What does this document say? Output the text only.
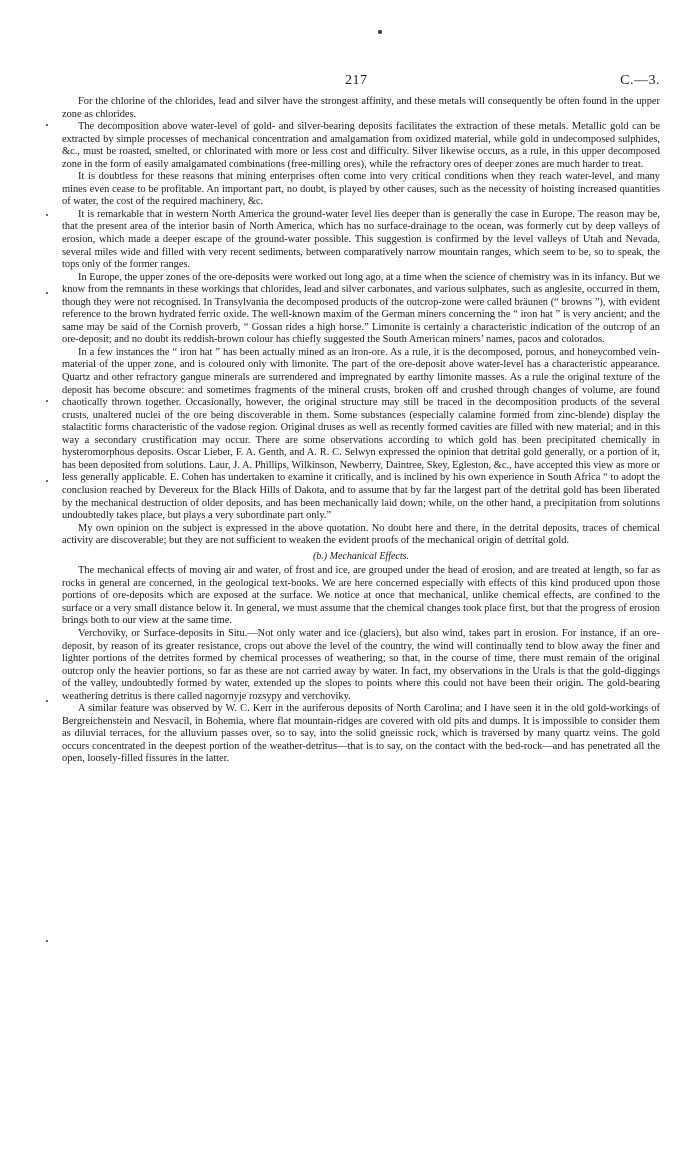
217	C.—3.

For the chlorine of the chlorides, lead and silver have the strongest affinity, and these metals will consequently be often found in the upper zone as chlorides.

The decomposition above water-level of gold- and silver-bearing deposits facilitates the extraction of these metals. Metallic gold can be extracted by simple processes of mechanical concentration and amalgamation from oxidized material, while gold in undecomposed sulphides, &c., must be roasted, smelted, or chlorinated with more or less cost and difficulty. Silver likewise occurs, as a rule, in this upper decomposed zone in the form of easily amalgamated combinations (free-milling ores), while the refractory ores of deeper zones are much harder to treat.

It is doubtless for these reasons that mining enterprises often come into very critical conditions when they reach water-level, and many mines even cease to be profitable. An important part, no doubt, is played by other causes, such as the necessity of hoisting increased quantities of water, the cost of the required machinery, &c.

It is remarkable that in western North America the ground-water level lies deeper than is generally the case in Europe. The reason may be, that the present area of the interior basin of North America, which has no surface-drainage to the ocean, was formerly cut by deep valleys of erosion, which made a deeper escape of the ground-water possible. This suggestion is confirmed by the level valleys of Utah and Nevada, several miles wide and filled with very recent sediments, between comparatively narrow mountain ranges, which seem to be, so to speak, the tops only of the former ranges.

In Europe, the upper zones of the ore-deposits were worked out long ago, at a time when the science of chemistry was in its infancy. But we know from the remnants in these workings that chlorides, lead and silver carbonates, and various sulphates, such as anglesite, occurred in them, though they were not recognised. In Transylvania the decomposed products of the outcrop-zone were called bräunen (“ browns ”), with evident reference to the brown hydrated ferric oxide. The well-known maxim of the German miners concerning the “ iron hat ” is very ancient; and the same may be said of the Cornish proverb, “ Gossan rides a high horse.” Limonite is certainly a characteristic indication of the outcrop of an ore-deposit; and no doubt its reddish-brown colour has chiefly suggested the South American miners’ names, pacos and colorados.

In a few instances the “ iron hat ” has been actually mined as an iron-ore. As a rule, it is the decomposed, porous, and honeycombed vein-material of the upper zone, and is coloured only with limonite. The part of the ore-deposit above water-level has a characteristic appearance. Quartz and other refractory gangue minerals are surrendered and impregnated by earthy limonite masses. As a rule the original texture of the deposit has become obscure: and sometimes fragments of the mineral crusts, broken off and crushed through changes of volume, are found chaotically thrown together. Occasionally, however, the original structure may still be traced in the decomposition products of the several crusts, unaltered nuclei of the ore being discoverable in them. Some substances (especially calamine formed from zinc-blende) display the stalactitic forms characteristic of the vadose region. Original druses as well as recently formed cavities are filled with new material; and in this way a secondary crustification may occur. There are some observations according to which gold has been precipitated chemically in hysteromorphous deposits. Oscar Lieber, F. A. Genth, and A. R. C. Selwyn expressed the opinion that detrital gold generally, or a portion of it, has been deposited from solutions. Laur, J. A. Phillips, Wilkinson, Newberry, Daintree, Skey, Egleston, &c., have accepted this view as more or less generally applicable. E. Cohen has undertaken to examine it critically, and is inclined by his own experience in South Africa “ to adopt the conclusion reached by Devereux for the Black Hills of Dakota, and to assume that by far the largest part of the detrital gold has been liberated by the mechanical destruction of older deposits, and has been mechanically laid down; while, on the other hand, a precipitation from solutions undoubtedly takes place, but plays a very subordinate part only.”

My own opinion on the subject is expressed in the above quotation. No doubt here and there, in the detrital deposits, traces of chemical activity are discoverable; but they are not sufficient to weaken the evident proofs of the mechanical origin of detrital gold.

(b.) Mechanical Effects.

The mechanical effects of moving air and water, of frost and ice, are grouped under the head of erosion, and are treated at length, so far as rocks in general are concerned, in the geological text-books. We are here concerned especially with effects of this kind produced upon those portions of ore-deposits which are exposed at the surface. We notice at once that mechanical, unlike chemical effects, are confined to the surface or a very small distance below it. In general, we must assume that the chemical changes took place first, but that the progress of erosion brings both to our view at the same time.

Verchoviky, or Surface-deposits in Situ.—Not only water and ice (glaciers), but also wind, takes part in erosion. For instance, if an ore-deposit, by reason of its greater resistance, crops out above the level of the country, the wind will continually tend to blow away the finer and lighter portions of the detrites formed by chemical processes of weathering; so that, in the course of time, there must remain of the original outcrop only the heavier portions, so far as these are not carried away by water. In fact, my observations in the Urals is that the gold-diggings of the valley, undoubtedly formed by water, extended up the slopes to points where this could not have been their origin. The gold-bearing weathering detritus is there called nagornyje rozsypy and verchoviky.

A similar feature was observed by W. C. Kerr in the auriferous deposits of North Carolina; and I have seen it in the old gold-workings of Bergreichenstein and Nesvacil, in Bohemia, where flat mountain-ridges are covered with old pits and dumps. It is impossible to consider them as diluvial terraces, for the alluvium passes over, so to say, into the solid gneissic rock, which is traversed by many quartz veins. The gold occurs concentrated in the deepest portion of the weather-detritus—that is to say, on the contact with the bed-rock—and has penetrated all the open, loosely-filled fissures in the latter.
